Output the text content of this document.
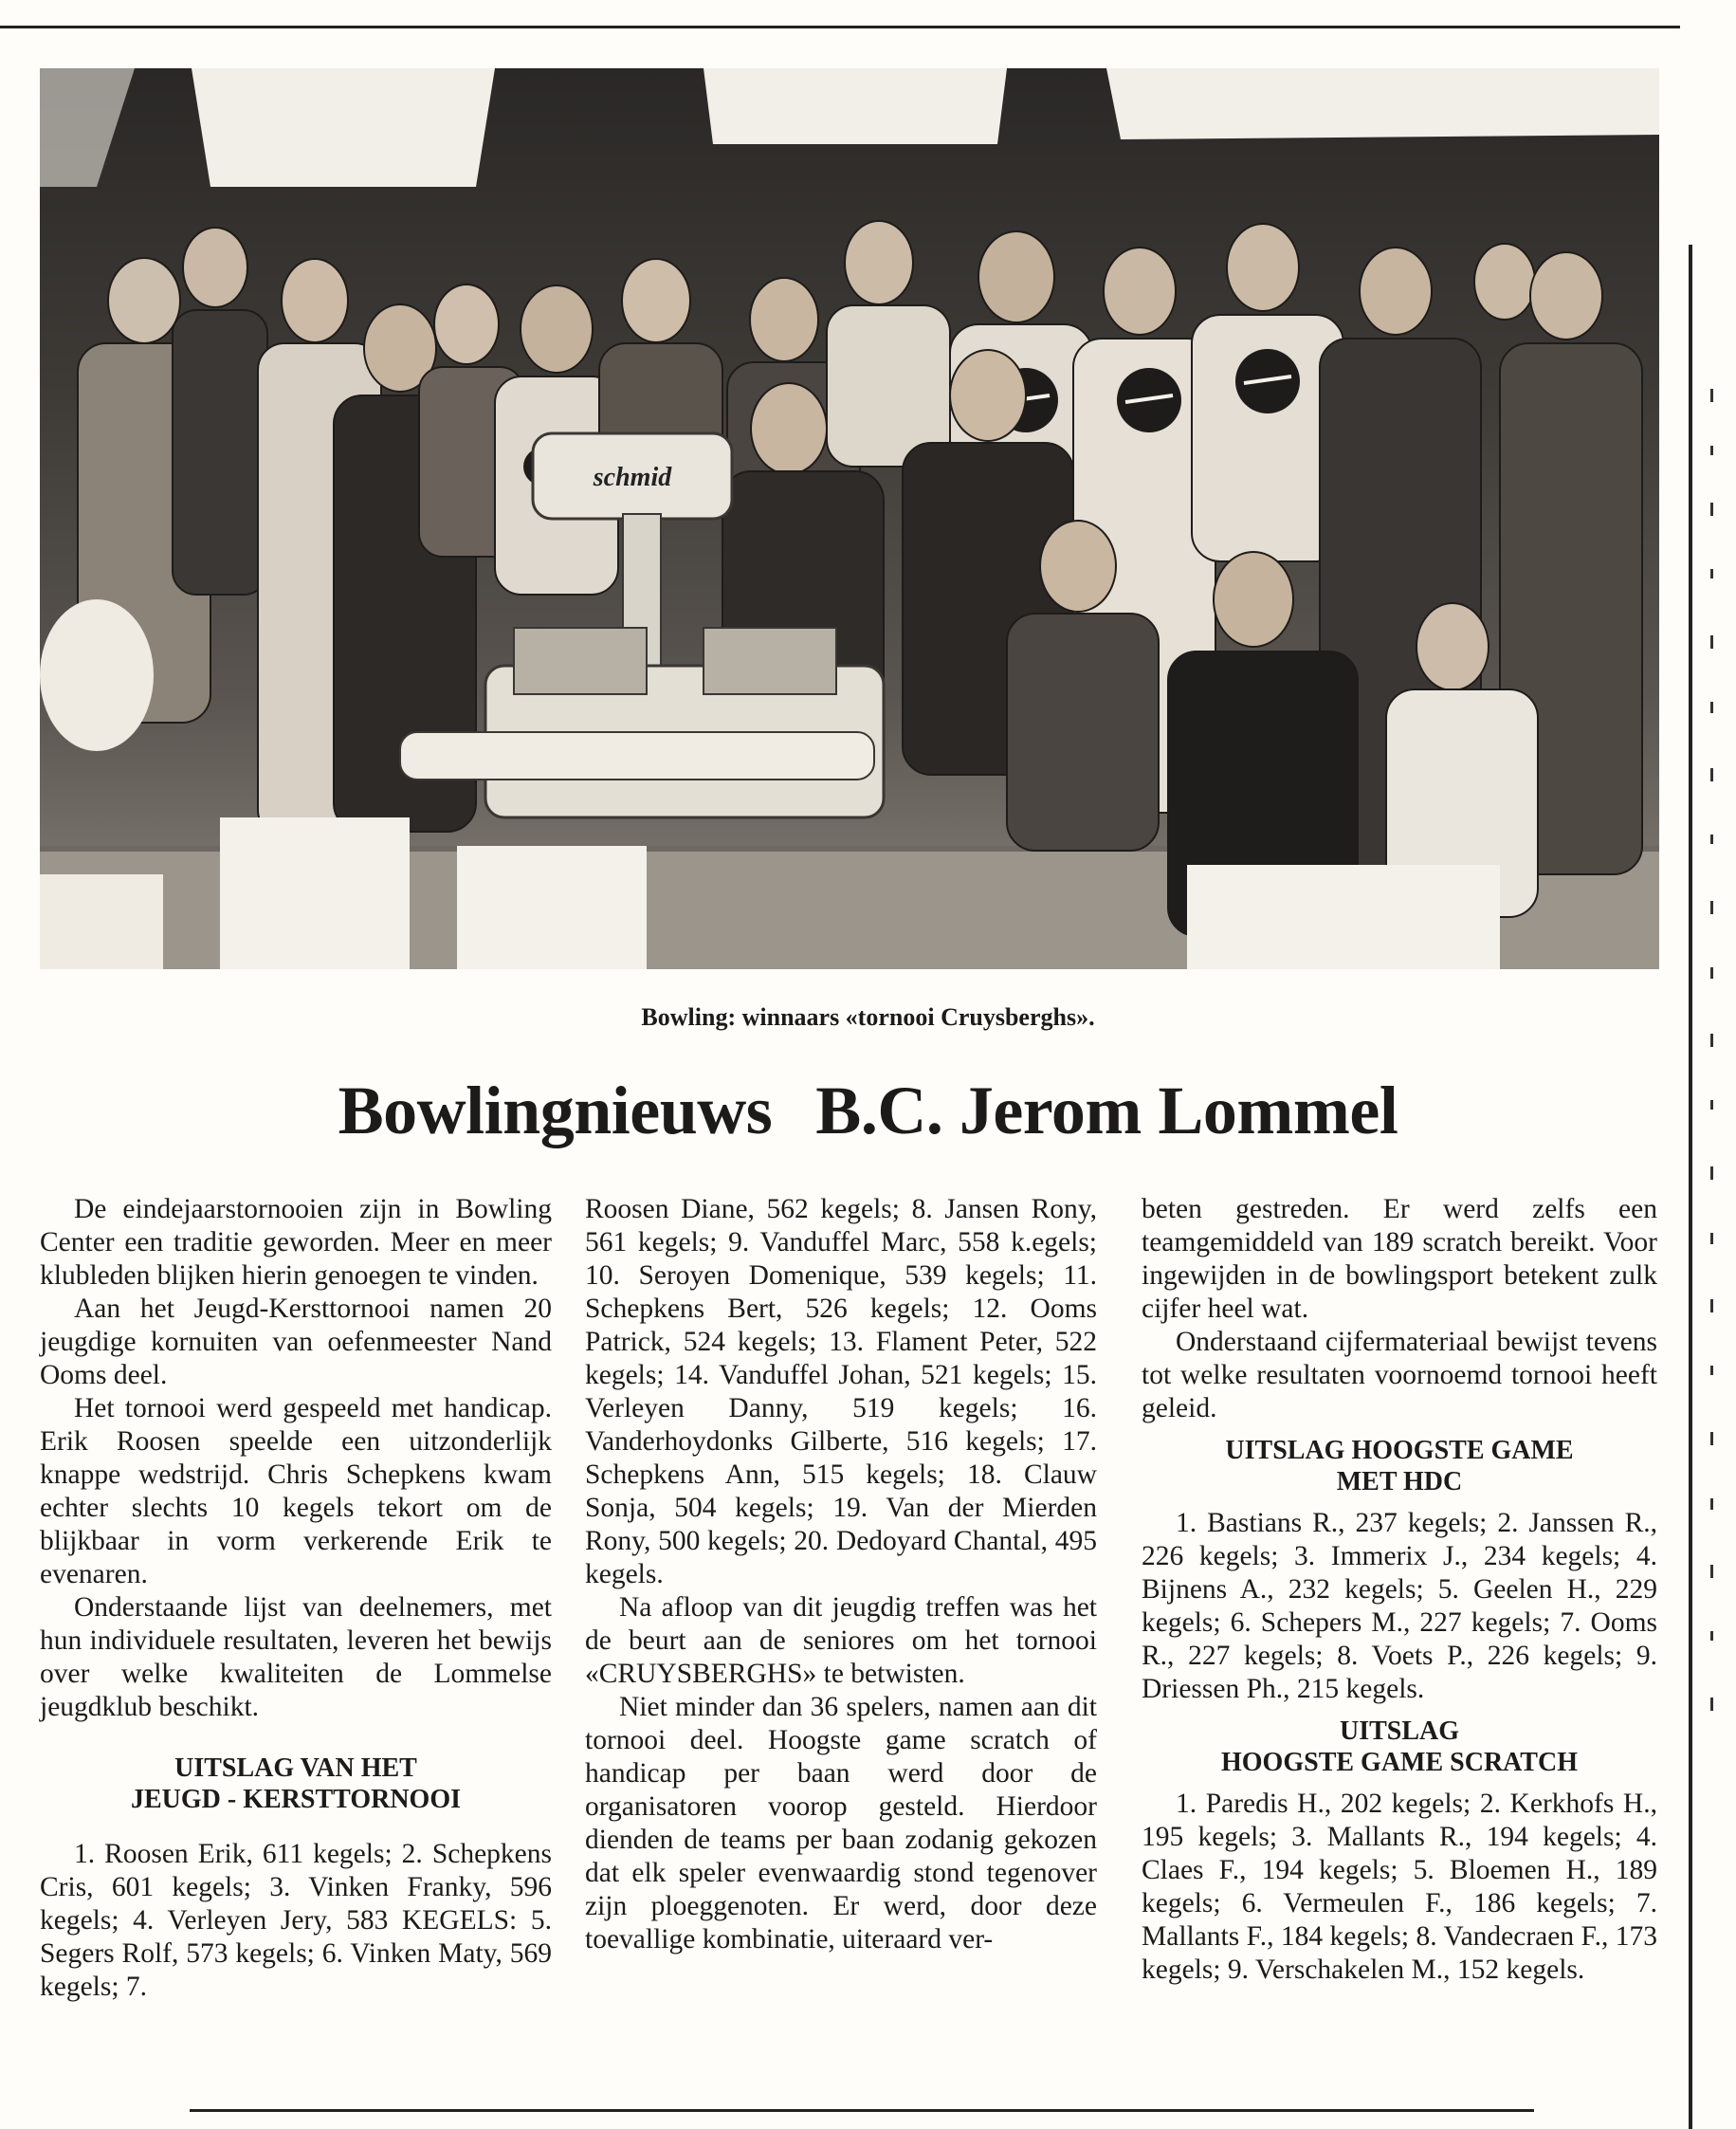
schmid
Bowling: winnaars «tornooi Cruysberghs».
Bowlingnieuws B.C. Jerom Lommel

De eindejaarstornooien zijn in Bowling Center een traditie geworden. Meer en meer klubleden blijken hierin genoegen te vinden.

Aan het Jeugd-Kersttornooi namen 20 jeugdige kornuiten van oefenmeester Nand Ooms deel.

Het tornooi werd gespeeld met handicap. Erik Roosen speelde een uitzonderlijk knappe wedstrijd. Chris Schepkens kwam echter slechts 10 kegels tekort om de blijkbaar in vorm verkerende Erik te evenaren.

Onderstaande lijst van deelnemers, met hun individuele resultaten, leveren het bewijs over welke kwaliteiten de Lommelse jeugdklub beschikt.

UITSLAG VAN HET
JEUGD - KERSTTORNOOI

1. Roosen Erik, 611 kegels; 2. Schepkens Cris, 601 kegels; 3. Vinken Franky, 596 kegels; 4. Verleyen Jery, 583 KEGELS: 5. Segers Rolf, 573 kegels; 6. Vinken Maty, 569 kegels; 7.

Roosen Diane, 562 kegels; 8. Jansen Rony, 561 kegels; 9. Vanduffel Marc, 558 k.egels; 10. Seroyen Domenique, 539 kegels; 11. Schepkens Bert, 526 kegels; 12. Ooms Patrick, 524 kegels; 13. Flament Peter, 522 kegels; 14. Vanduffel Johan, 521 kegels; 15. Verleyen Danny, 519 kegels; 16. Vanderhoydonks Gilberte, 516 kegels; 17. Schepkens Ann, 515 kegels; 18. Clauw Sonja, 504 kegels; 19. Van der Mierden Rony, 500 kegels; 20. Dedoyard Chantal, 495 kegels.

Na afloop van dit jeugdig treffen was het de beurt aan de seniores om het tornooi «CRUYSBERGHS» te betwisten.

Niet minder dan 36 spelers, namen aan dit tornooi deel. Hoogste game scratch of handicap per baan werd door de organisatoren voorop gesteld. Hierdoor dienden de teams per baan zodanig gekozen dat elk speler evenwaardig stond tegenover zijn ploeggenoten. Er werd, door deze toevallige kombinatie, uiteraard ver-

beten gestreden. Er werd zelfs een teamgemiddeld van 189 scratch bereikt. Voor ingewijden in de bowlingsport betekent zulk cijfer heel wat.

Onderstaand cijfermateriaal bewijst tevens tot welke resultaten voornoemd tornooi heeft geleid.

UITSLAG HOOGSTE GAME
MET HDC

1. Bastians R., 237 kegels; 2. Janssen R., 226 kegels; 3. Immerix J., 234 kegels; 4. Bijnens A., 232 kegels; 5. Geelen H., 229 kegels; 6. Schepers M., 227 kegels; 7. Ooms R., 227 kegels; 8. Voets P., 226 kegels; 9. Driessen Ph., 215 kegels.

UITSLAG
HOOGSTE GAME SCRATCH

1. Paredis H., 202 kegels; 2. Kerkhofs H., 195 kegels; 3. Mallants R., 194 kegels; 4. Claes F., 194 kegels; 5. Bloemen H., 189 kegels; 6. Vermeulen F., 186 kegels; 7. Mallants F., 184 kegels; 8. Vandecraen F., 173 kegels; 9. Verschakelen M., 152 kegels.
